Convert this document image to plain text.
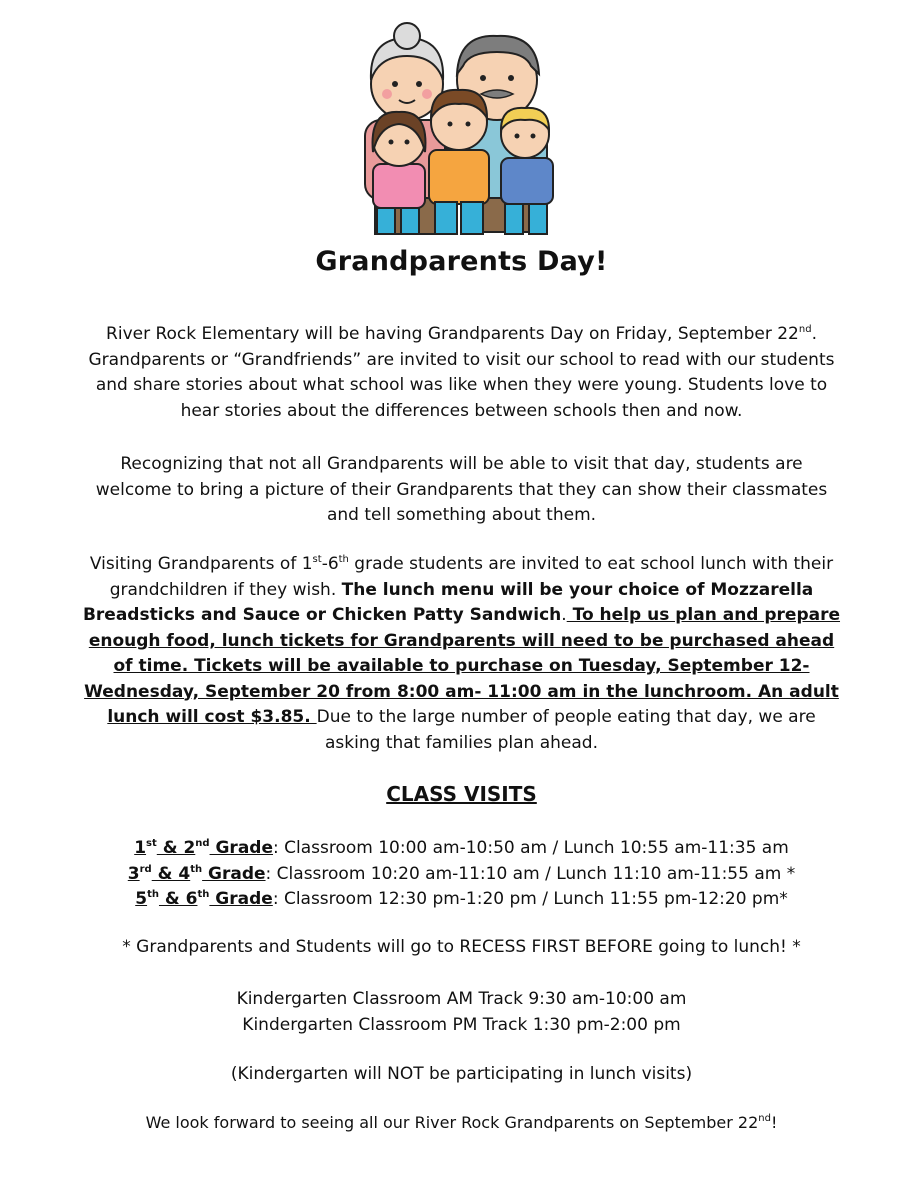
Grandparents Day!
River Rock Elementary will be having Grandparents Day on Friday, September 22nd. Grandparents or “Grandfriends” are invited to visit our school to read with our students and share stories about what school was like when they were young. Students love to hear stories about the differences between schools then and now.
Recognizing that not all Grandparents will be able to visit that day, students are welcome to bring a picture of their Grandparents that they can show their classmates and tell something about them.
Visiting Grandparents of 1st-6th grade students are invited to eat school lunch with their grandchildren if they wish. The lunch menu will be your choice of Mozzarella Breadsticks and Sauce or Chicken Patty Sandwich. To help us plan and prepare enough food, lunch tickets for Grandparents will need to be purchased ahead of time. Tickets will be available to purchase on Tuesday, September 12- Wednesday, September 20 from 8:00 am- 11:00 am in the lunchroom. An adult lunch will cost $3.85. Due to the large number of people eating that day, we are asking that families plan ahead.
CLASS VISITS
1st & 2nd Grade: Classroom 10:00 am-10:50 am / Lunch 10:55 am-11:35 am
3rd & 4th Grade: Classroom 10:20 am-11:10 am / Lunch 11:10 am-11:55 am *
5th & 6th Grade: Classroom 12:30 pm-1:20 pm / Lunch 11:55 pm-12:20 pm*
* Grandparents and Students will go to RECESS FIRST BEFORE going to lunch! *
Kindergarten Classroom AM Track 9:30 am-10:00 am
Kindergarten Classroom PM Track 1:30 pm-2:00 pm
(Kindergarten will NOT be participating in lunch visits)
We look forward to seeing all our River Rock Grandparents on September 22nd!
